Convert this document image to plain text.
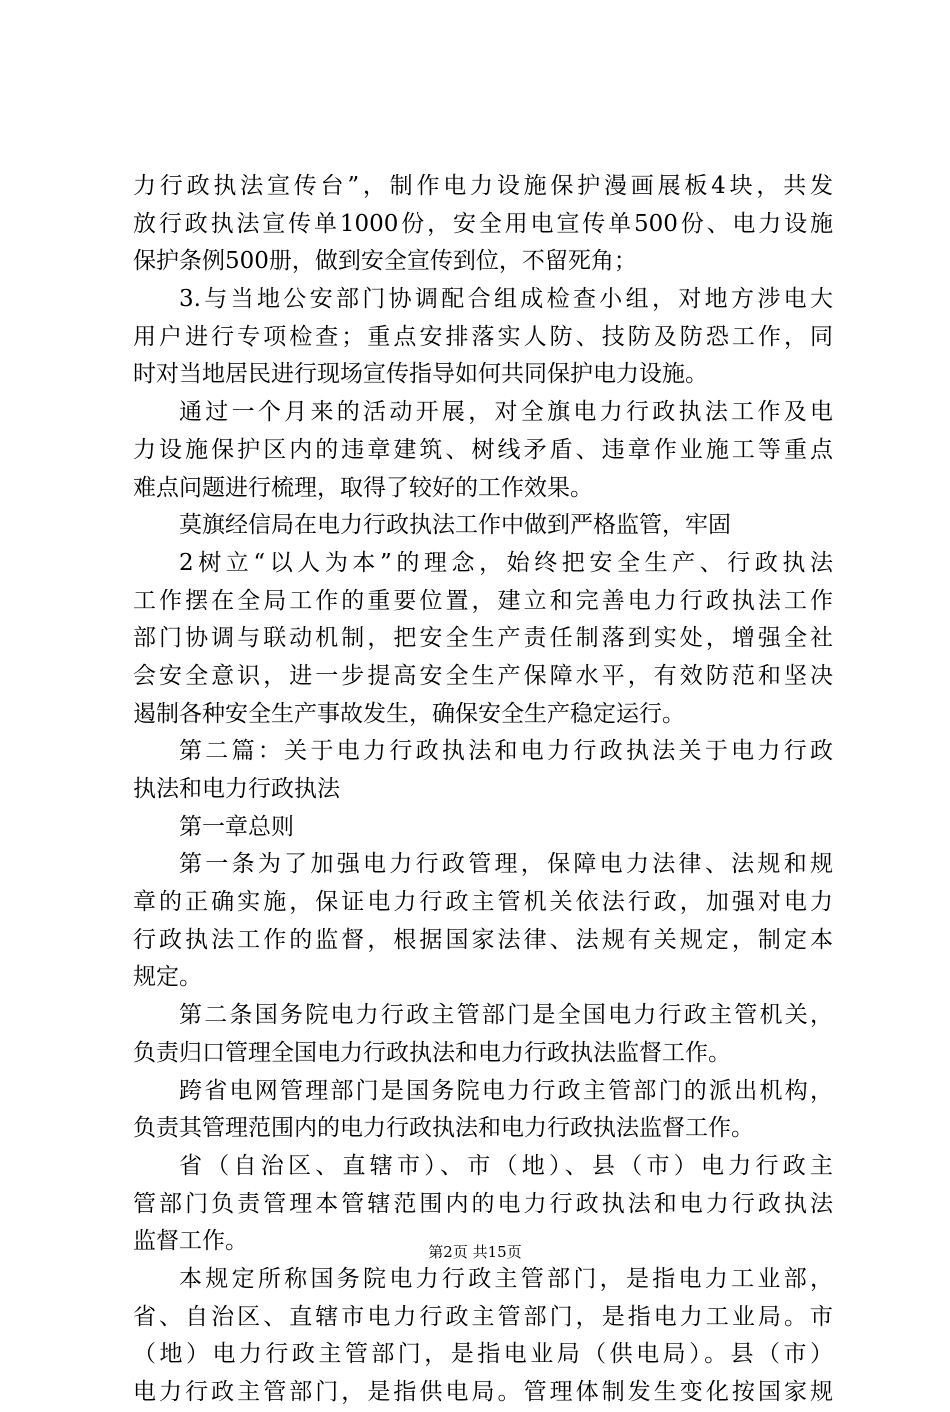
力行政执法宣传台”，制作电力设施保护漫画展板4块，共发
放行政执法宣传单1000份，安全用电宣传单500份、电力设施
保护条例500册，做到安全宣传到位，不留死角；
3.与当地公安部门协调配合组成检查小组，对地方涉电大
用户进行专项检查；重点安排落实人防、技防及防恐工作，同
时对当地居民进行现场宣传指导如何共同保护电力设施。
通过一个月来的活动开展，对全旗电力行政执法工作及电
力设施保护区内的违章建筑、树线矛盾、违章作业施工等重点
难点问题进行梳理，取得了较好的工作效果。
莫旗经信局在电力行政执法工作中做到严格监管，牢固
2树立“以人为本”的理念，始终把安全生产、行政执法
工作摆在全局工作的重要位置，建立和完善电力行政执法工作
部门协调与联动机制，把安全生产责任制落到实处，增强全社
会安全意识，进一步提高安全生产保障水平，有效防范和坚决
遏制各种安全生产事故发生，确保安全生产稳定运行。
第二篇：关于电力行政执法和电力行政执法关于电力行政
执法和电力行政执法
第一章总则
第一条为了加强电力行政管理，保障电力法律、法规和规
章的正确实施，保证电力行政主管机关依法行政，加强对电力
行政执法工作的监督，根据国家法律、法规有关规定，制定本
规定。
第二条国务院电力行政主管部门是全国电力行政主管机关，
负责归口管理全国电力行政执法和电力行政执法监督工作。
跨省电网管理部门是国务院电力行政主管部门的派出机构，
负责其管理范围内的电力行政执法和电力行政执法监督工作。
省（自治区、直辖市）、市（地）、县（市）电力行政主
管部门负责管理本管辖范围内的电力行政执法和电力行政执法
监督工作。
本规定所称国务院电力行政主管部门，是指电力工业部，
省、自治区、直辖市电力行政主管部门，是指电力工业局。市
（地）电力行政主管部门，是指电业局（供电局）。县（市）
电力行政主管部门，是指供电局。管理体制发生变化按国家规
第2页 共15页
